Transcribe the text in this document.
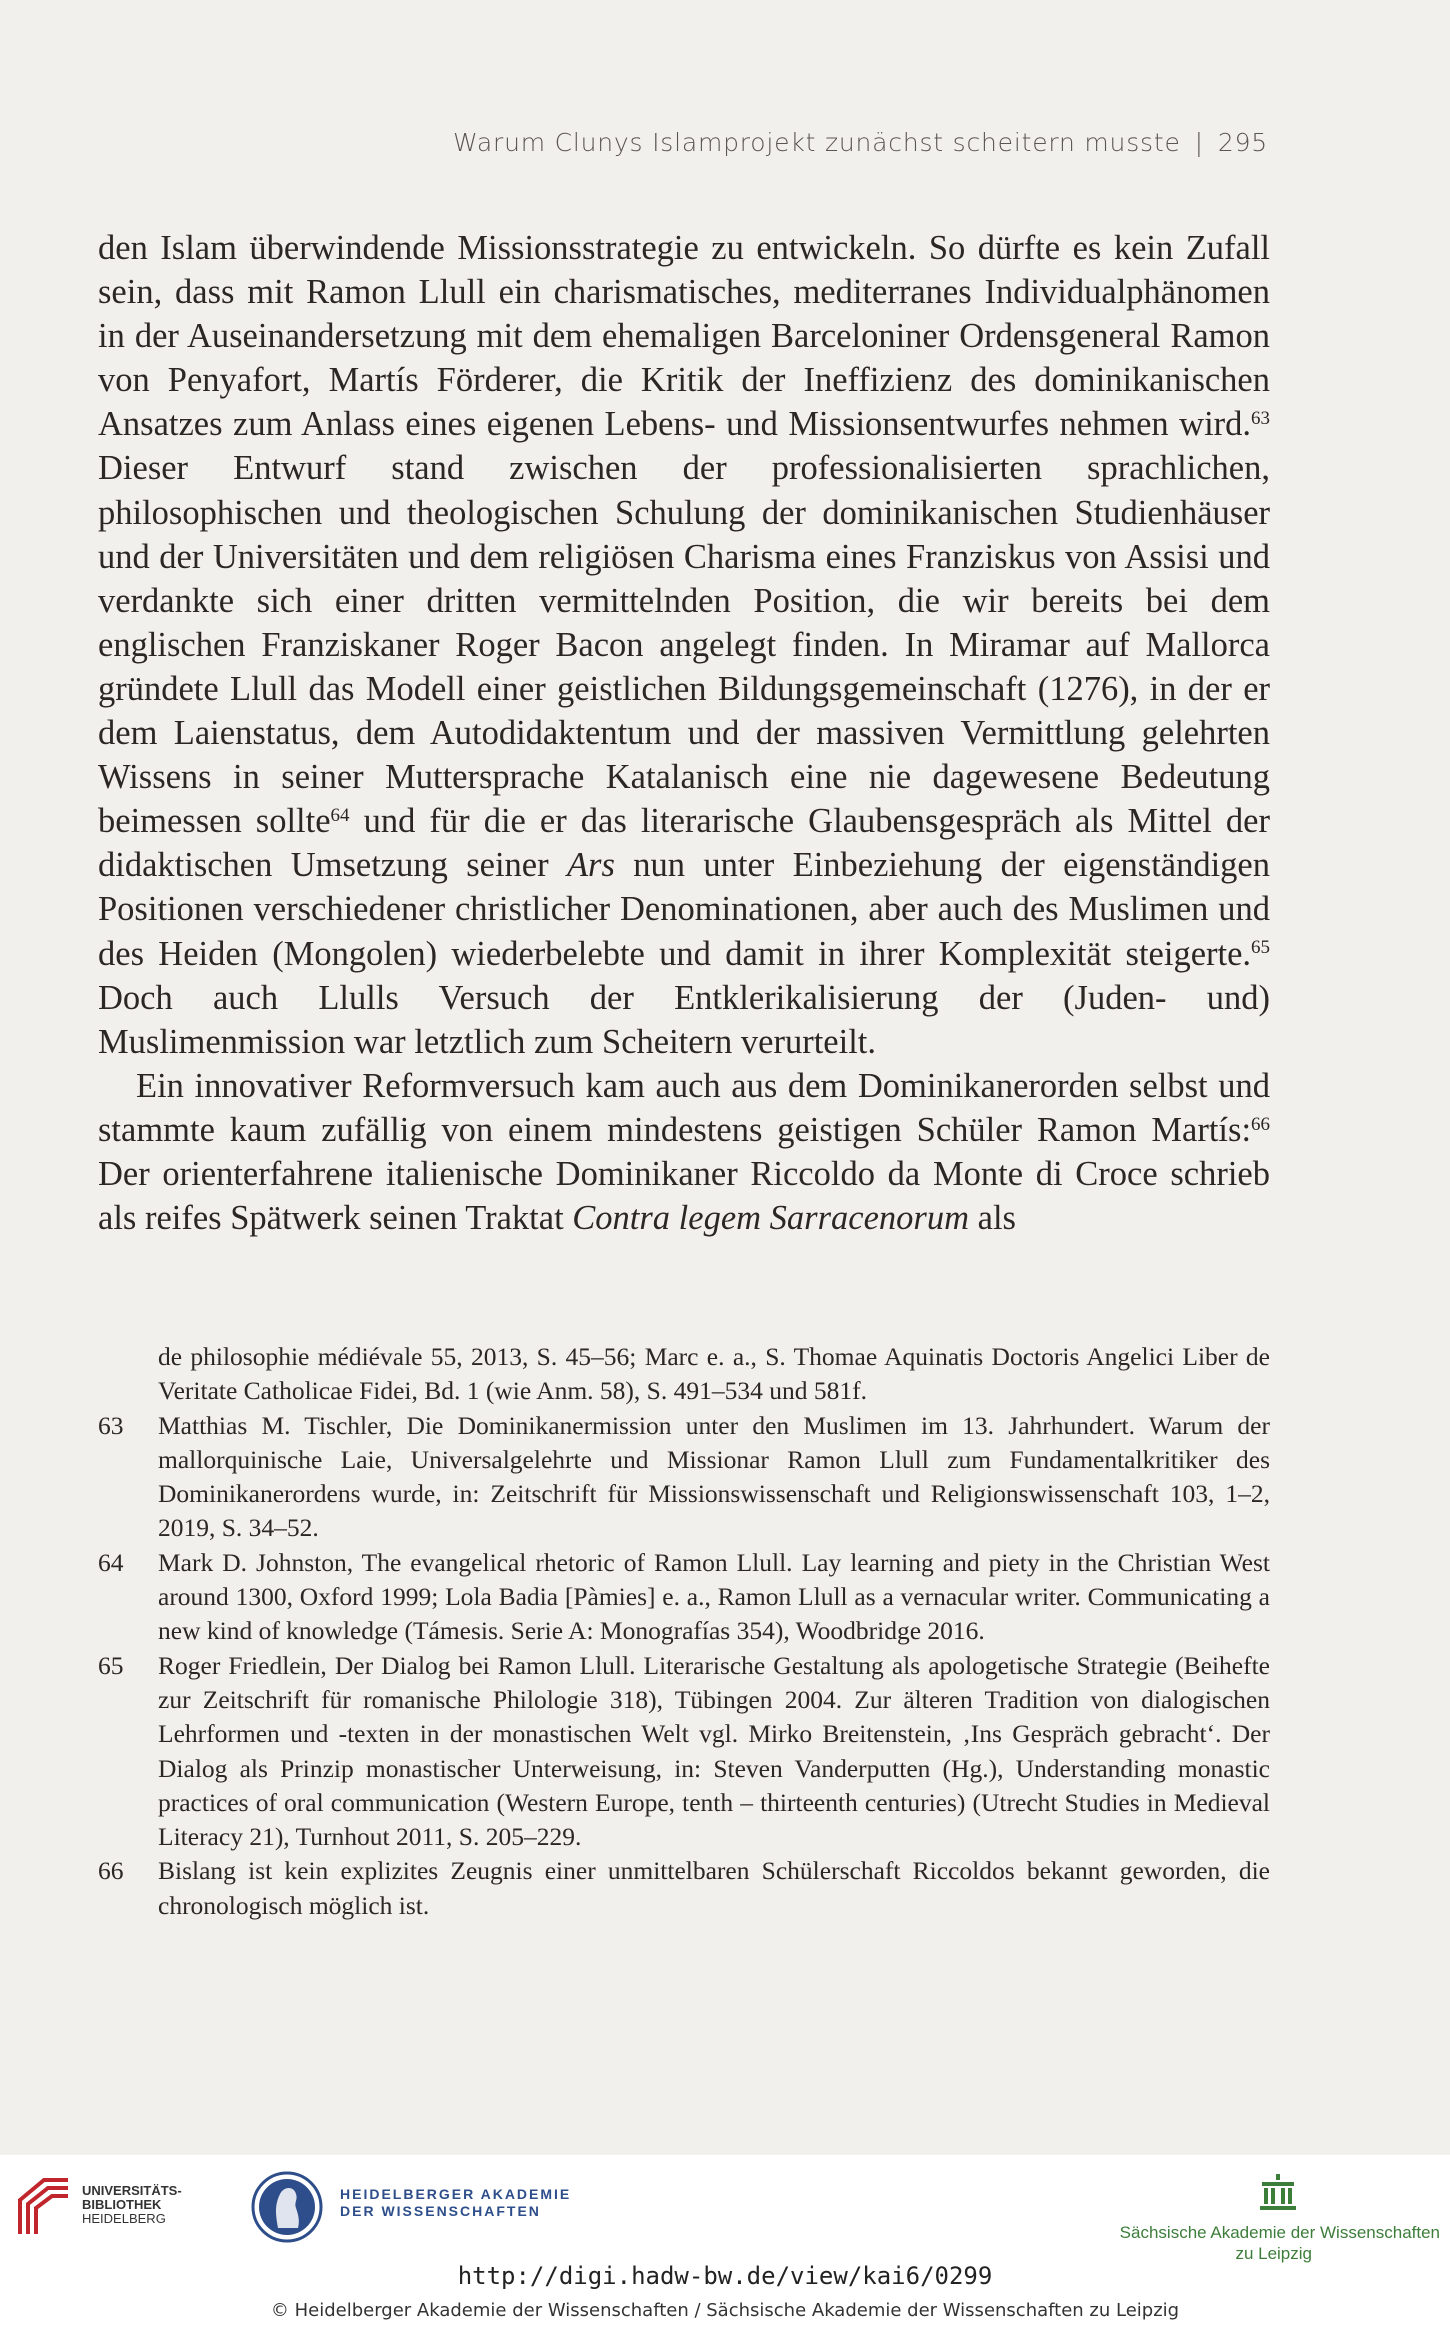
Warum Clunys Islamprojekt zunächst scheitern musste | 295

den Islam überwindende Missionsstrategie zu entwickeln. So dürfte es kein Zufall sein, dass mit Ramon Llull ein charismatisches, mediterranes Individualphänomen in der Auseinandersetzung mit dem ehemaligen Barceloniner Ordensgeneral Ramon von Penyafort, Martís Förderer, die Kritik der Ineffizienz des dominikanischen Ansatzes zum Anlass eines eigenen Lebens- und Missionsentwurfes nehmen wird.$^{63}$ Dieser Entwurf stand zwischen der professionalisierten sprachlichen, philosophischen und theologischen Schulung der dominikanischen Studienhäuser und der Universitäten und dem religiösen Charisma eines Franziskus von Assisi und verdankte sich einer dritten vermittelnden Position, die wir bereits bei dem englischen Franziskaner Roger Bacon angelegt finden. In Miramar auf Mallorca gründete Llull das Modell einer geistlichen Bildungsgemeinschaft (1276), in der er dem Laienstatus, dem Autodidaktentum und der massiven Vermittlung gelehrten Wissens in seiner Muttersprache Katalanisch eine nie dagewesene Bedeutung beimessen sollte$^{64}$ und für die er das literarische Glaubensgespräch als Mittel der didaktischen Umsetzung seiner Ars nun unter Einbeziehung der eigenständigen Positionen verschiedener christlicher Denominationen, aber auch des Muslimen und des Heiden (Mongolen) wiederbelebte und damit in ihrer Komplexität steigerte.$^{65}$ Doch auch Llulls Versuch der Entklerikalisierung der (Juden- und) Muslimenmission war letztlich zum Scheitern verurteilt.

Ein innovativer Reformversuch kam auch aus dem Dominikanerorden selbst und stammte kaum zufällig von einem mindestens geistigen Schüler Ramon Martís:$^{66}$ Der orienterfahrene italienische Dominikaner Riccoldo da Monte di Croce schrieb als reifes Spätwerk seinen Traktat Contra legem Sarracenorum als

de philosophie médiévale 55, 2013, S. 45–56; Marc e. a., S. Thomae Aquinatis Doctoris Angelici Liber de Veritate Catholicae Fidei, Bd. 1 (wie Anm. 58), S. 491–534 und 581f.
63	Matthias M. Tischler, Die Dominikanermission unter den Muslimen im 13. Jahrhundert. Warum der mallorquinische Laie, Universalgelehrte und Missionar Ramon Llull zum Fundamentalkritiker des Dominikanerordens wurde, in: Zeitschrift für Missionswissenschaft und Religionswissenschaft 103, 1–2, 2019, S. 34–52.
64	Mark D. Johnston, The evangelical rhetoric of Ramon Llull. Lay learning and piety in the Christian West around 1300, Oxford 1999; Lola Badia [Pàmies] e. a., Ramon Llull as a vernacular writer. Communicating a new kind of knowledge (Támesis. Serie A: Monografías 354), Woodbridge 2016.
65	Roger Friedlein, Der Dialog bei Ramon Llull. Literarische Gestaltung als apologetische Strategie (Beihefte zur Zeitschrift für romanische Philologie 318), Tübingen 2004. Zur älteren Tradition von dialogischen Lehrformen und -texten in der monastischen Welt vgl. Mirko Breitenstein, ‚Ins Gespräch gebracht‘. Der Dialog als Prinzip monastischer Unterweisung, in: Steven Vanderputten (Hg.), Understanding monastic practices of oral communication (Western Europe, tenth – thirteenth centuries) (Utrecht Studies in Medieval Literacy 21), Turnhout 2011, S. 205–229.
66	Bislang ist kein explizites Zeugnis einer unmittelbaren Schülerschaft Riccoldos bekannt geworden, die chronologisch möglich ist.
UNIVERSITÄTS-
BIBLIOTHEK
HEIDELBERG
HEIDELBERGER AKADEMIE
DER WISSENSCHAFTEN
Sächsische Akademie der Wissenschaften
zu Leipzig
http://digi.hadw-bw.de/view/kai6/0299
© Heidelberger Akademie der Wissenschaften / Sächsische Akademie der Wissenschaften zu Leipzig
